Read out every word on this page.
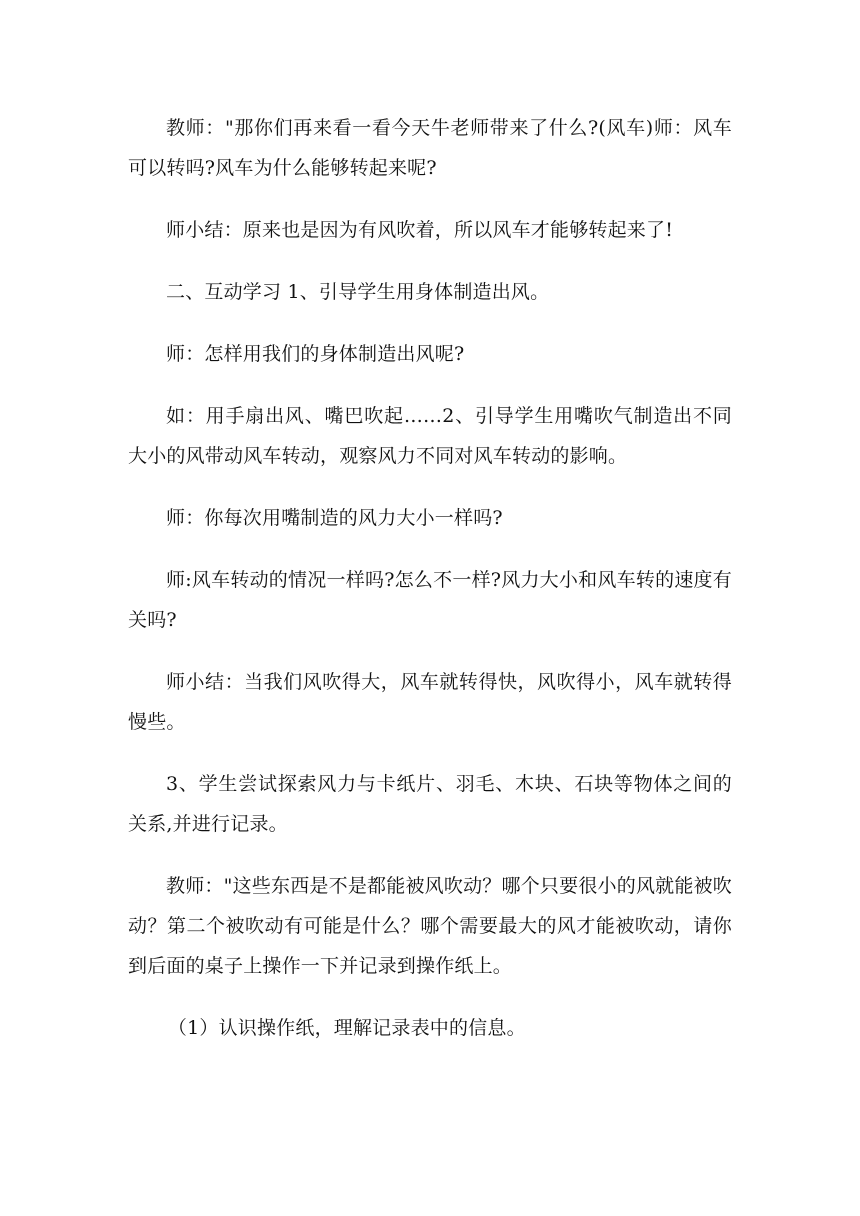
教师："那你们再来看一看今天牛老师带来了什么?(风车)师：风车可以转吗?风车为什么能够转起来呢?

师小结：原来也是因为有风吹着，所以风车才能够转起来了!

二、互动学习 1、引导学生用身体制造出风。

师：怎样用我们的身体制造出风呢?

如：用手扇出风、嘴巴吹起……2、引导学生用嘴吹气制造出不同大小的风带动风车转动，观察风力不同对风车转动的影响。

师：你每次用嘴制造的风力大小一样吗?

师:风车转动的情况一样吗?怎么不一样?风力大小和风车转的速度有关吗?

师小结：当我们风吹得大，风车就转得快，风吹得小，风车就转得慢些。

3、学生尝试探索风力与卡纸片、羽毛、木块、石块等物体之间的关系,并进行记录。

教师："这些东西是不是都能被风吹动？哪个只要很小的风就能被吹动？第二个被吹动有可能是什么？哪个需要最大的风才能被吹动，请你到后面的桌子上操作一下并记录到操作纸上。

（1）认识操作纸，理解记录表中的信息。
